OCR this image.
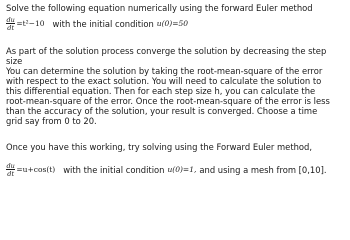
Solve the following equation numerically using the forward Euler method

$\frac{du}{dt} =t^2-10$ with the initial condition u(0)=50

As part of the solution process converge the solution by decreasing the step

size

You can determine the solution by taking the root-mean-square of the error

with respect to the exact solution. You will need to calculate the solution to

this differential equation. Then for each step size h, you can calculate the

root-mean-square of the error. Once the root-mean-square of the error is less

than the accuracy of the solution, your result is converged. Choose a time

grid say from 0 to 20.

Once you have this working, try solving using the Forward Euler method,

$\frac{du}{dt} =u+\cos(t)$ with the initial condition u(0)=1, and using a mesh from [0,10].
